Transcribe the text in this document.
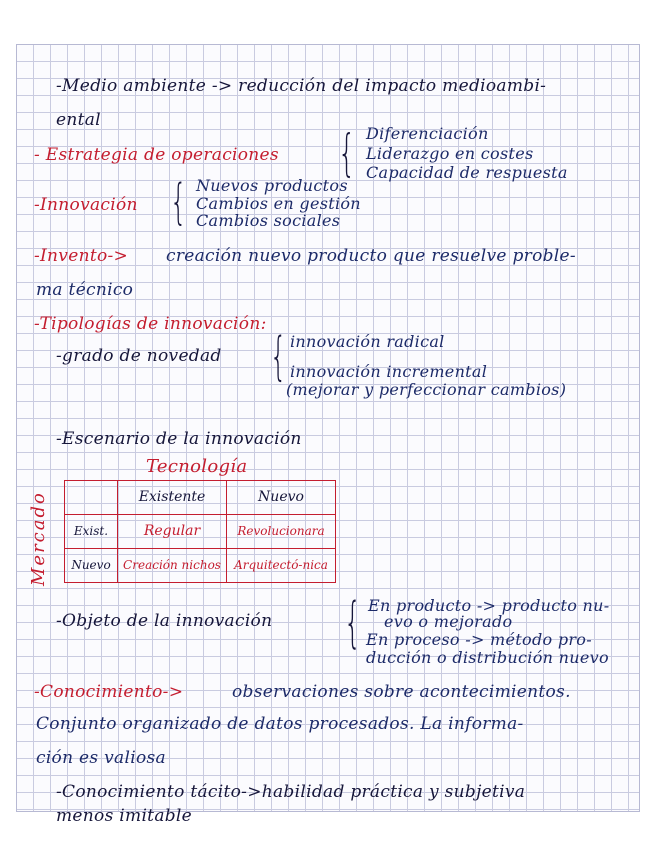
-Medio ambiente -> reducción del impacto medioambi-
ental
- Estrategia de operaciones { Diferenciación
Liderazgo en costes
Capacidad de respuesta
-Innovación { Nuevos productos
Cambios en gestión
Cambios sociales
-Invento-> creación nuevo producto que resuelve proble-
ma técnico
-Tipologías de innovación:
-grado de novedad { innovación radical
innovación incremental
(mejorar y perfeccionar cambios)
-Escenario de la innovación
Tecnología
Mercado
		Existente	Nuevo
Exist.	Regular	Revolucionara
Nuevo	Creación nichos	Arquitectó-nica
-Objeto de la innovación { En producto -> producto nu-
evo o mejorado
En proceso -> método pro-
ducción o distribución nuevo
-Conocimiento->	observaciones sobre acontecimientos.
Conjunto organizado de datos procesados. La informa-
ción es valiosa
-Conocimiento tácito->habilidad práctica y subjetiva
menos imitable
